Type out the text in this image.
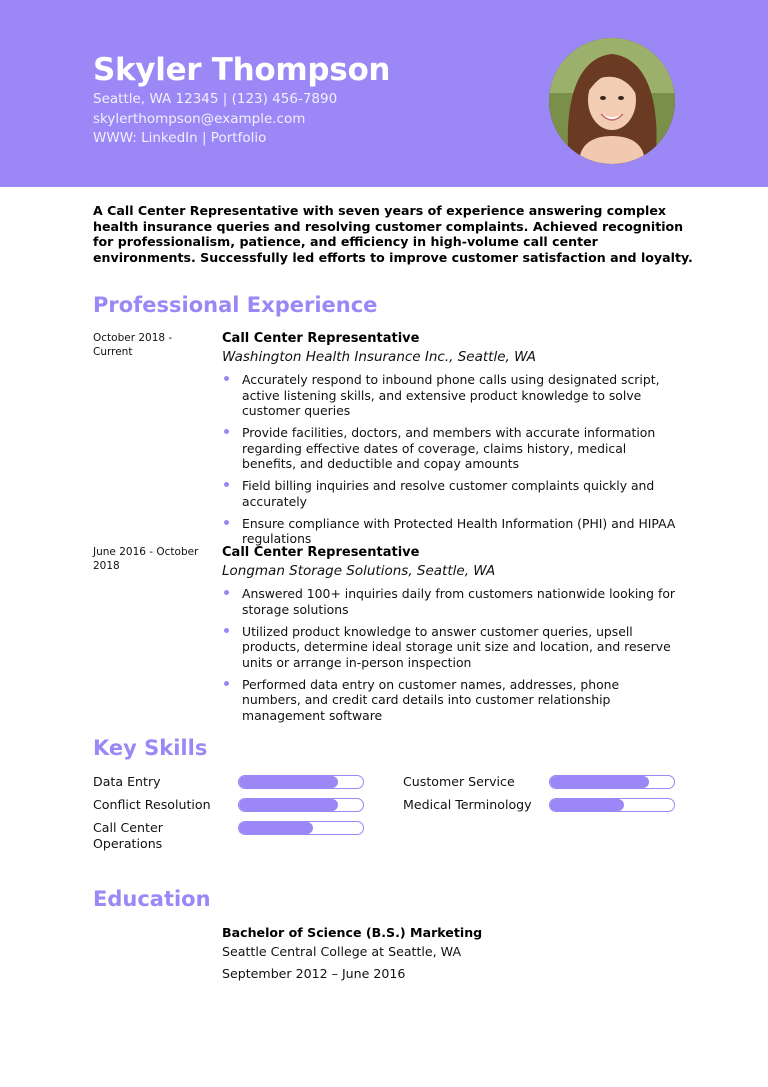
Skyler Thompson
Seattle, WA 12345 | (123) 456-7890
skylerthompson@example.com
WWW: LinkedIn | Portfolio
A Call Center Representative with seven years of experience answering complex health insurance queries and resolving customer complaints. Achieved recognition for professionalism, patience, and efficiency in high-volume call center environments. Successfully led efforts to improve customer satisfaction and loyalty.
Professional Experience
October 2018 - Current
Call Center Representative
Washington Health Insurance Inc., Seattle, WA
Accurately respond to inbound phone calls using designated script, active listening skills, and extensive product knowledge to solve customer queries
Provide facilities, doctors, and members with accurate information regarding effective dates of coverage, claims history, medical benefits, and deductible and copay amounts
Field billing inquiries and resolve customer complaints quickly and accurately
Ensure compliance with Protected Health Information (PHI) and HIPAA regulations
June 2016 - October 2018
Call Center Representative
Longman Storage Solutions, Seattle, WA
Answered 100+ inquiries daily from customers nationwide looking for storage solutions
Utilized product knowledge to answer customer queries, upsell products, determine ideal storage unit size and location, and reserve units or arrange in-person inspection
Performed data entry on customer names, addresses, phone numbers, and credit card details into customer relationship management software
Key Skills
Data Entry	Customer Service
Conflict Resolution	Medical Terminology
Call Center Operations
Education
Bachelor of Science (B.S.) Marketing
Seattle Central College at Seattle, WA
September 2012 – June 2016
